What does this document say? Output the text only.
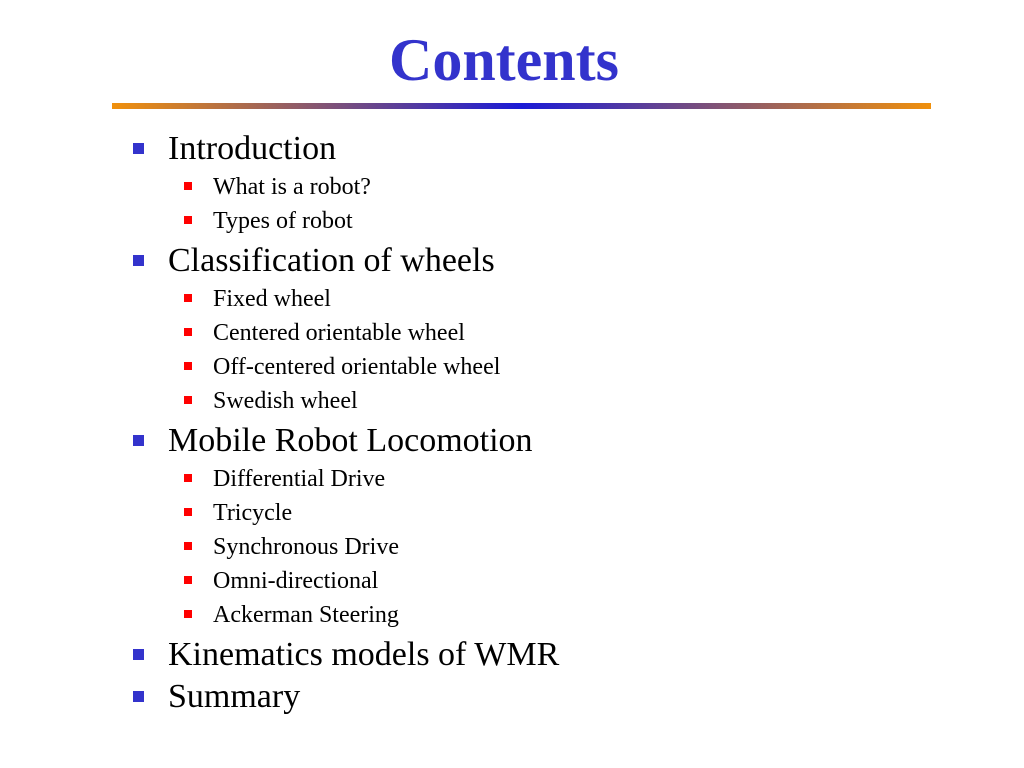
Contents
Introduction
What is a robot?
Types of robot
Classification of wheels
Fixed wheel
Centered orientable wheel
Off-centered orientable wheel
Swedish wheel
Mobile Robot Locomotion
Differential Drive
Tricycle
Synchronous Drive
Omni-directional
Ackerman Steering
Kinematics models of WMR
Summary
